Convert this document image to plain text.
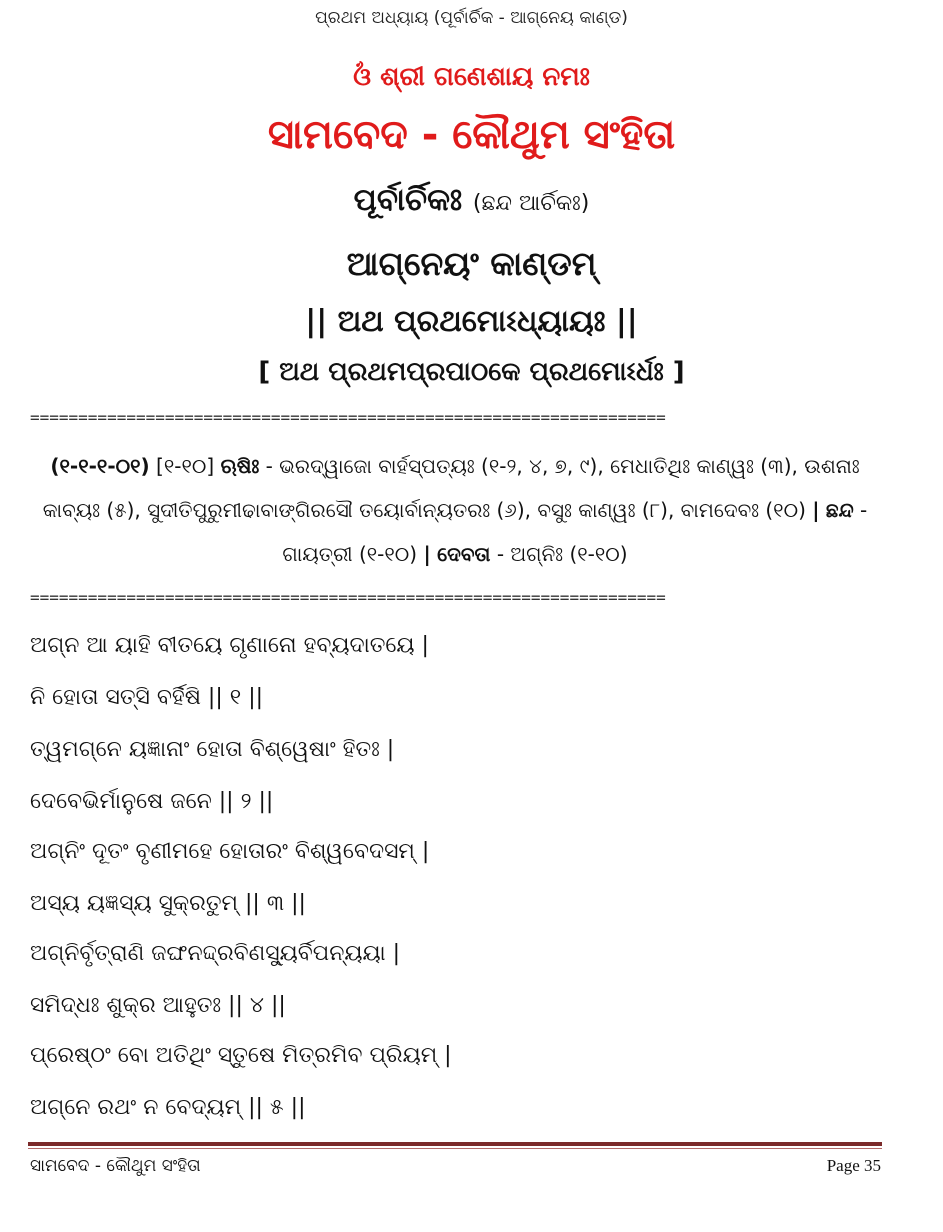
ପ୍ରଥମ ଅଧ୍ୟାୟ (ପୂର୍ବାର୍ଚିକ - ଆଗ୍ନେୟ କାଣ୍ଡ)
ଓଁ ଶ୍ରୀ ଗଣେଶାୟ ନମଃ
ସାମବେଦ - କୌଥୁମ ସଂହିତା
ପୂର୍ବାର୍ଚିକଃ (ଛନ୍ଦ ଆର୍ଚିକଃ)
ଆଗ୍ନେୟଂ କାଣ୍ଡମ୍
|| ଅଥ ପ୍ରଥମୋଽଧ୍ୟାୟଃ ||
[ ଅଥ ପ୍ରଥମପ୍ରପାଠକେ ପ୍ରଥମୋଽର୍ଧଃ ]
==================================================================
(୧-୧-୧-୦୧) [୧-୧୦] ଋଷିଃ - ଭରଦ୍ୱାଜୋ ବାର୍ହସ୍ପତ୍ୟଃ (୧-୨, ୪, ୭, ୯), ମେଧାତିଥିଃ କାଣ୍ୱଃ (୩), ଉଶନାଃ କାବ୍ୟଃ (୫), ସୁଦୀତିପୁରୁମୀଢାବାଙ୍ଗିରସୌ ତୟୋର୍ବାନ୍ୟତରଃ (୬), ବସୁଃ କାଣ୍ୱଃ (୮), ବାମଦେବଃ (୧୦) | ଛନ୍ଦ - ଗାୟତ୍ରୀ (୧-୧୦) | ଦେବତା - ଅଗ୍ନିଃ (୧-୧୦)
==================================================================
ଅଗ୍ନ ଆ ୟାହି ବୀତୟେ ଗୃଣାନୋ ହବ୍ୟଦାତୟେ |
ନି ହୋତା ସତ୍ସି ବର୍ହିଷି || ୧ ||
ତ୍ୱମଗ୍ନେ ୟଜ୍ଞାନାଂ ହୋତା ବିଶ୍ୱେଷାଂ ହିତଃ |
ଦେବେଭିର୍ମାନୁଷେ ଜନେ || ୨ ||
ଅଗ୍ନିଂ ଦୂତଂ ବୃଣୀମହେ ହୋତାରଂ ବିଶ୍ୱବେଦସମ୍ |
ଅସ୍ୟ ୟଜ୍ଞସ୍ୟ ସୁକ୍ରତୁମ୍ || ୩ ||
ଅଗ୍ନିର୍ବୃତ୍ରାଣି ଜଙ୍ଘନଦ୍ଦ୍ରବିଣସ୍ୟୁର୍ବିପନ୍ୟୟା |
ସମିଦ୍ଧଃ ଶୁକ୍ର ଆହୁତଃ || ୪ ||
ପ୍ରେଷ୍ଠଂ ବୋ ଅତିଥିଂ ସ୍ତୁଷେ ମିତ୍ରମିବ ପ୍ରିୟମ୍ |
ଅଗ୍ନେ ରଥଂ ନ ବେଦ୍ୟମ୍ || ୫ ||
ସାମବେଦ - କୌଥୁମ ସଂହିତା	Page 35
